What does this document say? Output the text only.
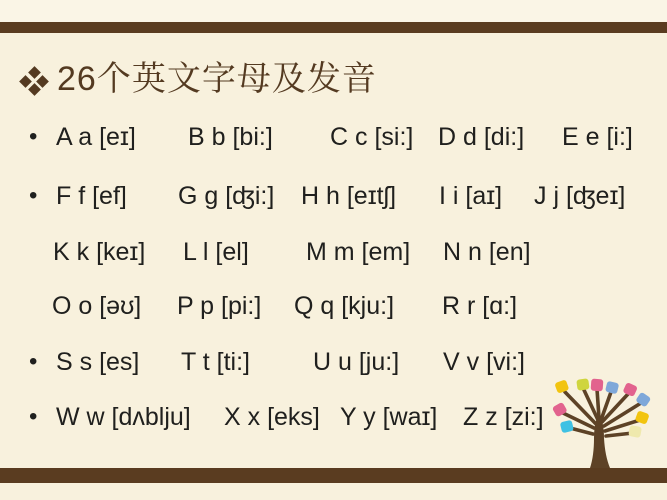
26个英文字母及发音
• A a [eɪ] B b [bi:] C c [si:] D d [di:] E e [i:]
• F f [ef] G g [ʤi:] H h [eɪtʃ] I i [aɪ] J j [ʤeɪ]
K k [keɪ] L l [el] M m [em] N n [en]
O o [əʊ] P p [pi:] Q q [kju:] R r [ɑ:]
• S s [es] T t [ti:]	U u [ju:] V v [vi:]
• W w [dʌblju] X x [eks] Y y [waɪ] Z z [zi:]
